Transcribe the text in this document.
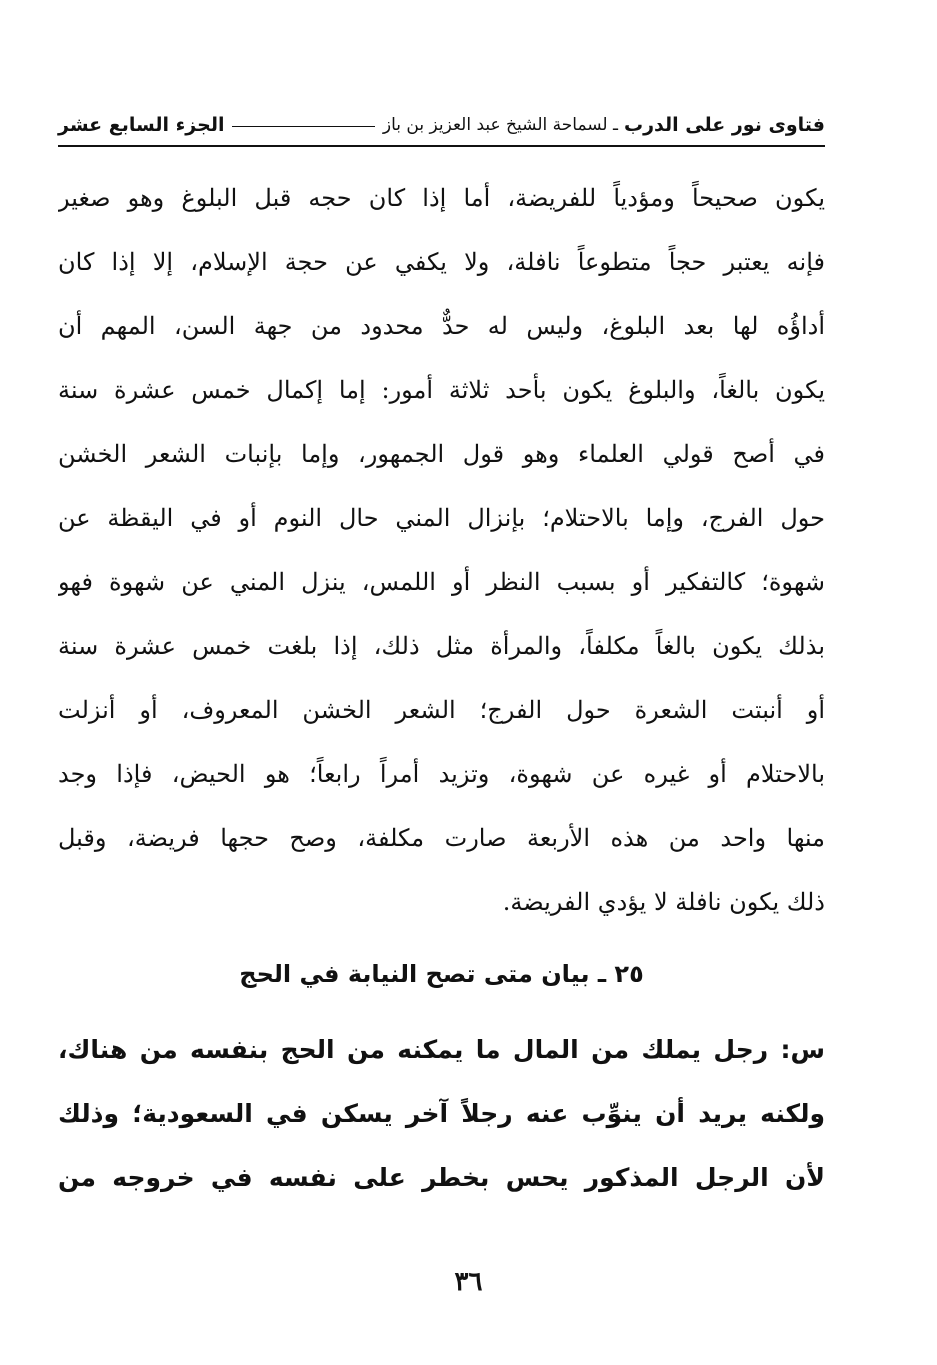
فتاوى نور على الدرب
ـ لسماحة الشيخ عبد العزيز بن باز
الجزء السابع عشر
يكون صحيحاً ومؤدياً للفريضة، أما إذا كان حجه قبل البلوغ وهو صغير
فإنه يعتبر حجاً متطوعاً نافلة، ولا يكفي عن حجة الإسلام، إلا إذا كان
أداؤُه لها بعد البلوغ، وليس له حدٌّ محدود من جهة السن، المهم أن
يكون بالغاً، والبلوغ يكون بأحد ثلاثة أمور: إما إكمال خمس عشرة سنة
في أصح قولي العلماء وهو قول الجمهور، وإما بإنبات الشعر الخشن
حول الفرج، وإما بالاحتلام؛ بإنزال المني حال النوم أو في اليقظة عن
شهوة؛ كالتفكير أو بسبب النظر أو اللمس، ينزل المني عن شهوة فهو
بذلك يكون بالغاً مكلفاً، والمرأة مثل ذلك، إذا بلغت خمس عشرة سنة
أو أنبتت الشعرة حول الفرج؛ الشعر الخشن المعروف، أو أنزلت
بالاحتلام أو غيره عن شهوة، وتزيد أمراً رابعاً؛ هو الحيض، فإذا وجد
منها واحد من هذه الأربعة صارت مكلفة، وصح حجها فريضة، وقبل
ذلك يكون نافلة لا يؤدي الفريضة.
٢٥ ـ بيان متى تصح النيابة في الحج
س: رجل يملك من المال ما يمكنه من الحج بنفسه من هناك،
ولكنه يريد أن ينوِّب عنه رجلاً آخر يسكن في السعودية؛ وذلك
لأن الرجل المذكور يحس بخطر على نفسه في خروجه من
٣٦
